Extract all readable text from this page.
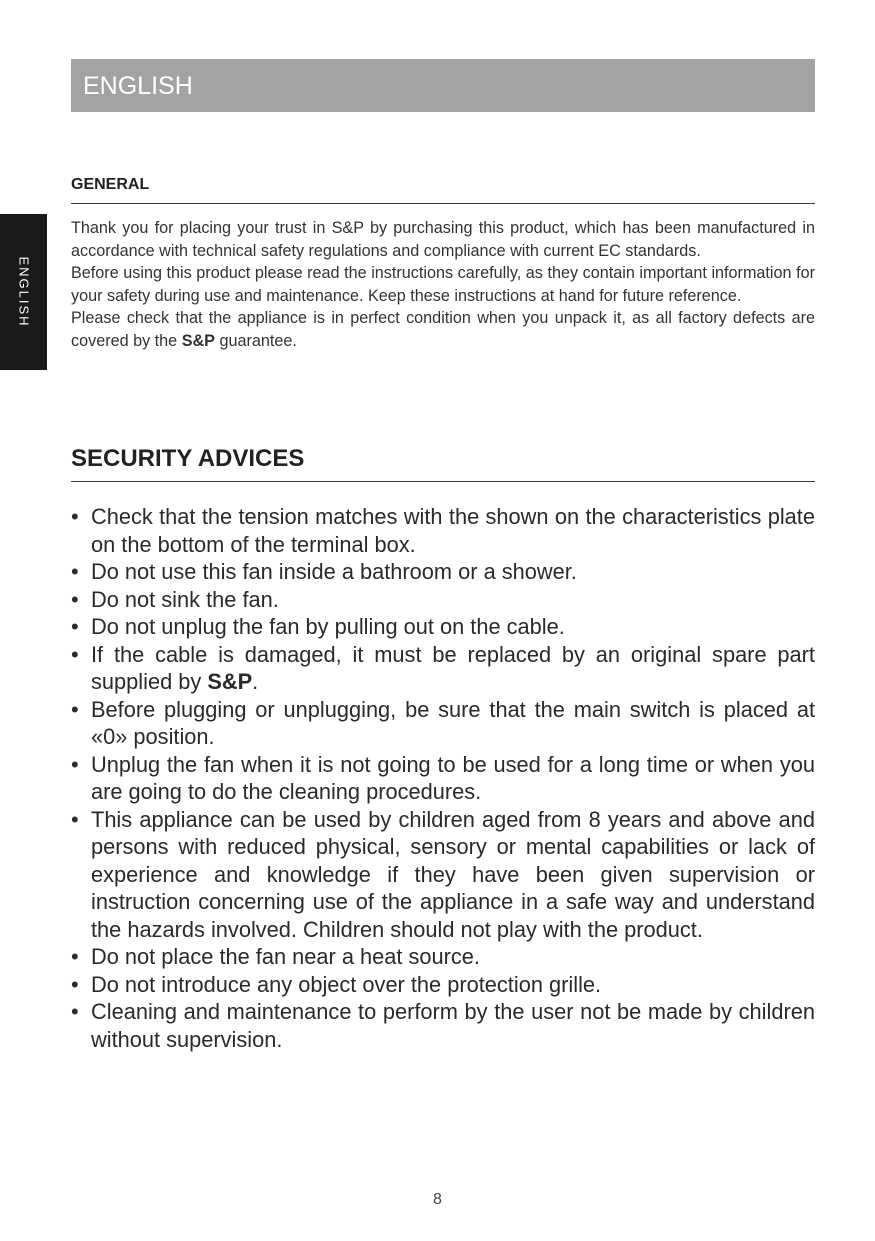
ENGLISH
ENGLISH
GENERAL

Thank you for placing your trust in S&P by purchasing this product, which has been manufactured in accordance with technical safety regulations and compliance with current EC standards.

Before using this product please read the instructions carefully, as they contain important information for your safety during use and maintenance. Keep these instructions at hand for future reference.

Please check that the appliance is in perfect condition when you unpack it, as all factory defects are covered by the S&P guarantee.

SECURITY ADVICES
• Check that the tension matches with the shown on the characteristics plate on the bottom of the terminal box.
• Do not use this fan inside a bathroom or a shower.
• Do not sink the fan.
• Do not unplug the fan by pulling out on the cable.
• If the cable is damaged, it must be replaced by an original spare part supplied by S&P.
• Before plugging or unplugging, be sure that the main switch is placed at «0» position.
• Unplug the fan when it is not going to be used for a long time or when you are going to do the cleaning procedures.
• This appliance can be used by children aged from 8 years and above and persons with reduced physical, sensory or mental capabilities or lack of experience and knowledge if they have been given supervision or instruction concerning use of the appliance in a safe way and understand the hazards involved. Children should not play with the product.
• Do not place the fan near a heat source.
• Do not introduce any object over the protection grille.
• Cleaning and maintenance to perform by the user not be made by children without supervision.
8
